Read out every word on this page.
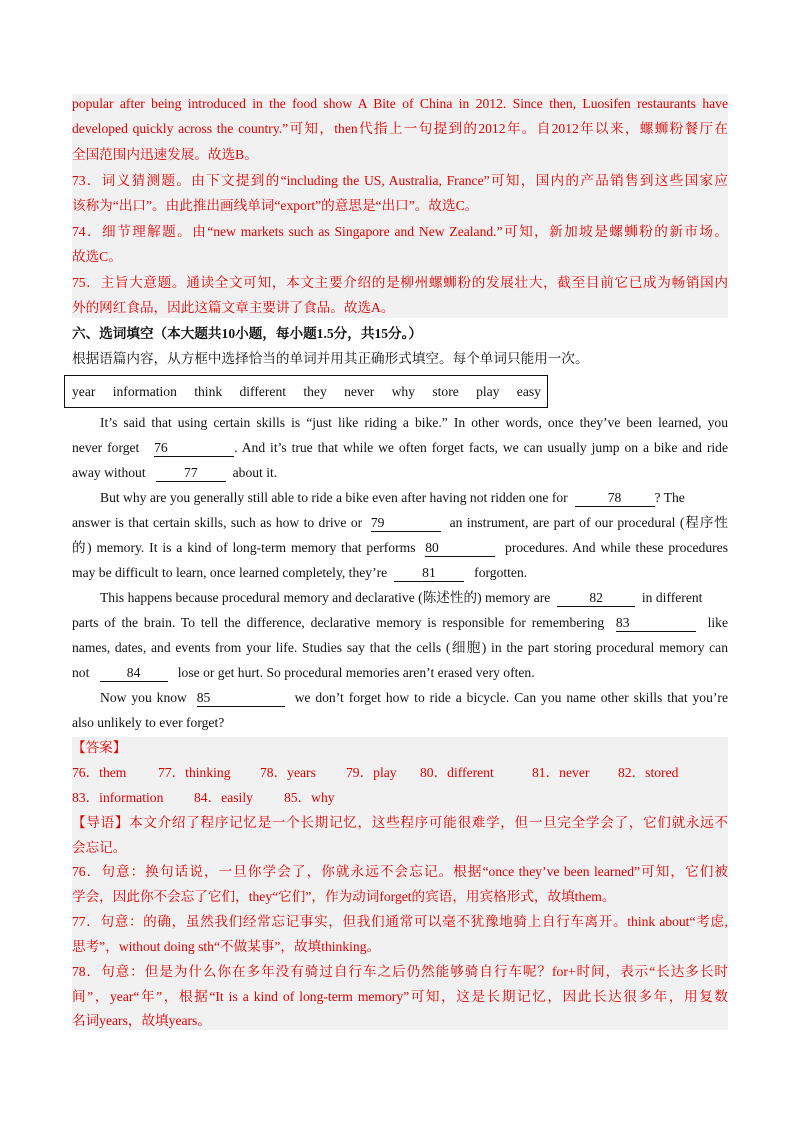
popular after being introduced in the food show A Bite of China in 2012. Since then, Luosifen restaurants have
developed quickly across the country.”可知，then代指上一句提到的2012年。自2012年以来，螺蛳粉餐厅在
全国范围内迅速发展。故选B。
73．词义猜测题。由下文提到的“including the US, Australia, France”可知，国内的产品销售到这些国家应
该称为“出口”。由此推出画线单词“export”的意思是“出口”。故选C。
74．细节理解题。由“new markets such as Singapore and New Zealand.”可知，新加坡是螺蛳粉的新市场。
故选C。
75．主旨大意题。通读全文可知，本文主要介绍的是柳州螺蛳粉的发展壮大，截至目前它已成为畅销国内
外的网红食品，因此这篇文章主要讲了食品。故选A。
六、选词填空（本大题共10小题，每小题1.5分，共15分。）
根据语篇内容，从方框中选择恰当的单词并用其正确形式填空。每个单词只能用一次。
year information think different they never why store play easy
It’s said that using certain skills is “just like riding a bike.” In other words, once they’ve been learned, you
never forget 76	. And it’s true that while we often forget facts, we can usually jump on a bike and ride
away without	77	about it.
But why are you generally still able to ride a bike even after having not ridden one for	78 ? The
answer is that certain skills, such as how to drive or 79	an instrument, are part of our procedural (程序性
的) memory. It is a kind of long-term memory that performs 80	procedures. And while these procedures
may be difficult to learn, once learned completely, they’re	81	forgotten.
This happens because procedural memory and declarative (陈述性的) memory are	82	in different
parts of the brain. To tell the difference, declarative memory is responsible for remembering 83	like
names, dates, and events from your life. Studies say that the cells (细胞) in the part storing procedural memory can
not	84	lose or get hurt. So procedural memories aren’t erased very often.
Now you know 85	we don’t forget how to ride a bicycle. Can you name other skills that you’re
also unlikely to ever forget?
【答案】
76．them 77．thinking 78．years 79．play 80．different	81．never 82．stored
83．information 84．easily 85．why
【导语】本文介绍了程序记忆是一个长期记忆，这些程序可能很难学，但一旦完全学会了，它们就永远不
会忘记。
76．句意：换句话说，一旦你学会了，你就永远不会忘记。根据“once they’ve been learned”可知，它们被
学会，因此你不会忘了它们，they“它们”，作为动词forget的宾语，用宾格形式，故填them。
77．句意：的确，虽然我们经常忘记事实，但我们通常可以毫不犹豫地骑上自行车离开。think about“考虑,
思考”，without doing sth“不做某事”，故填thinking。
78．句意：但是为什么你在多年没有骑过自行车之后仍然能够骑自行车呢？for+时间，表示“长达多长时
间”，year“年”，根据“It is a kind of long-term memory”可知，这是长期记忆，因此长达很多年，用复数
名词years，故填years。
